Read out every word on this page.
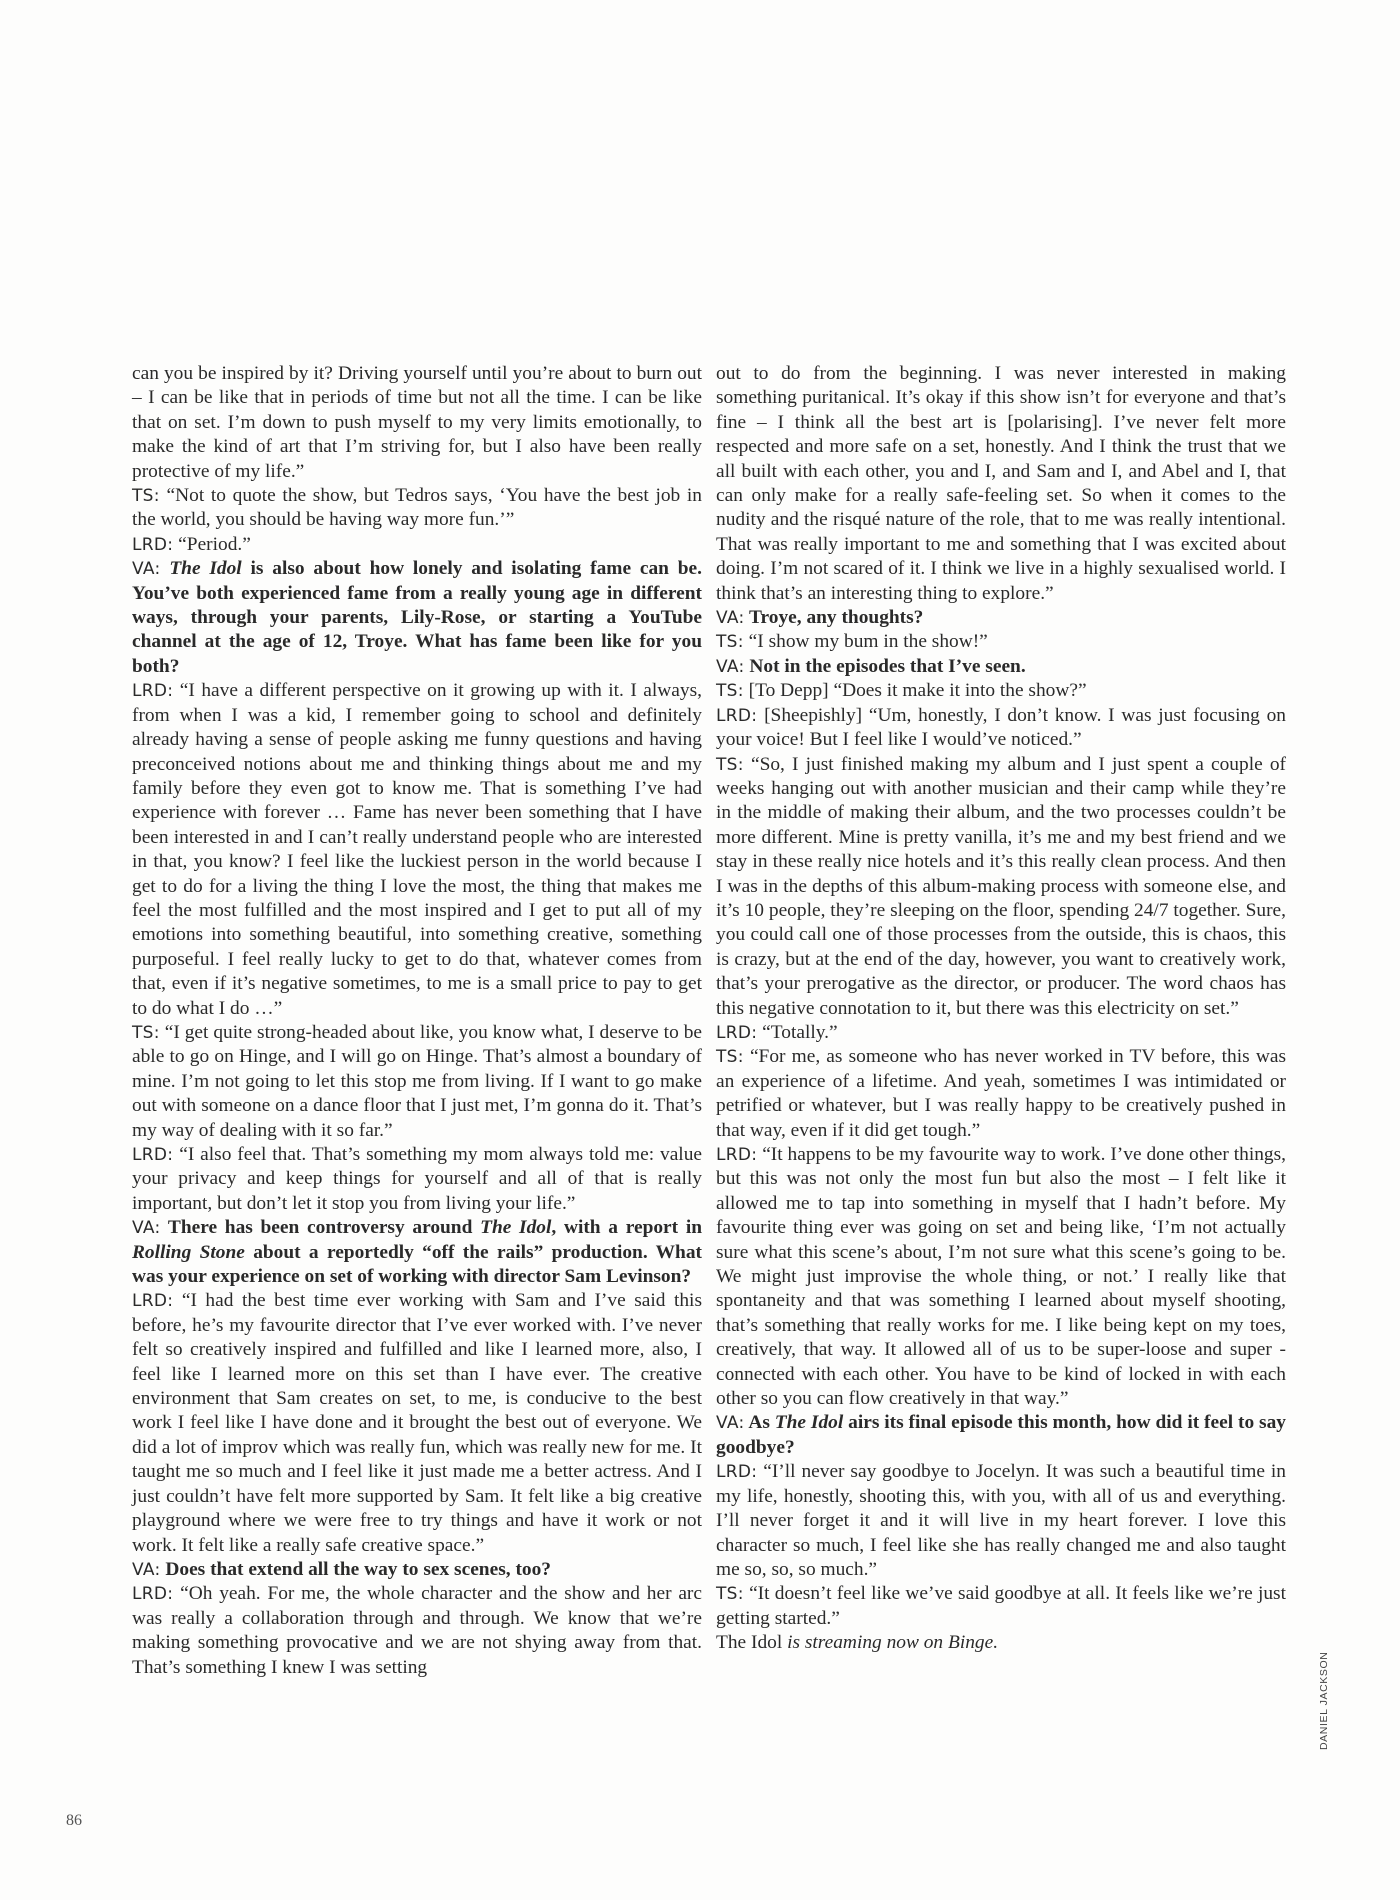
can you be inspired by it? Driving yourself until you’re about to burn out – I can be like that in periods of time but not all the time. I can be like that on set. I’m down to push myself to my very limits emotionally, to make the kind of art that I’m striving for, but I also have been really protective of my life.”

TS: “Not to quote the show, but Tedros says, ‘You have the best job in the world, you should be having way more fun.’”

LRD: “Period.”

VA: The Idol is also about how lonely and isolating fame can be. You’ve both experienced fame from a really young age in different ways, through your parents, Lily-Rose, or starting a YouTube channel at the age of 12, Troye. What has fame been like for you both?

LRD: “I have a different perspective on it growing up with it. I always, from when I was a kid, I remember going to school and definitely already having a sense of people asking me funny questions and having preconceived notions about me and thinking things about me and my family before they even got to know me. That is something I’ve had experience with forever … Fame has never been something that I have been interested in and I can’t really understand people who are interested in that, you know? I feel like the luckiest person in the world because I get to do for a living the thing I love the most, the thing that makes me feel the most fulfilled and the most inspired and I get to put all of my emotions into something beautiful, into something creative, something purposeful. I feel really lucky to get to do that, whatever comes from that, even if it’s negative sometimes, to me is a small price to pay to get to do what I do …”

TS: “I get quite strong-headed about like, you know what, I deserve to be able to go on Hinge, and I will go on Hinge. That’s almost a boundary of mine. I’m not going to let this stop me from living. If I want to go make out with someone on a dance floor that I just met, I’m gonna do it. That’s my way of dealing with it so far.”

LRD: “I also feel that. That’s something my mom always told me: value your privacy and keep things for yourself and all of that is really important, but don’t let it stop you from living your life.”

VA: There has been controversy around The Idol, with a report in Rolling Stone about a reportedly “off the rails” production. What was your experience on set of working with director Sam Levinson?

LRD: “I had the best time ever working with Sam and I’ve said this before, he’s my favourite director that I’ve ever worked with. I’ve never felt so creatively inspired and fulfilled and like I learned more, also, I feel like I learned more on this set than I have ever. The creative environment that Sam creates on set, to me, is conducive to the best work I feel like I have done and it brought the best out of everyone. We did a lot of improv which was really fun, which was really new for me. It taught me so much and I feel like it just made me a better actress. And I just couldn’t have felt more supported by Sam. It felt like a big creative playground where we were free to try things and have it work or not work. It felt like a really safe creative space.”

VA: Does that extend all the way to sex scenes, too?

LRD: “Oh yeah. For me, the whole character and the show and her arc was really a collaboration through and through. We know that we’re making something provocative and we are not shying away from that. That’s something I knew I was setting

out to do from the beginning. I was never interested in making something puritanical. It’s okay if this show isn’t for everyone and that’s fine – I think all the best art is [polarising]. I’ve never felt more respected and more safe on a set, honestly. And I think the trust that we all built with each other, you and I, and Sam and I, and Abel and I, that can only make for a really safe-feeling set. So when it comes to the nudity and the risqué nature of the role, that to me was really intentional. That was really important to me and something that I was excited about doing. I’m not scared of it. I think we live in a highly sexualised world. I think that’s an interesting thing to explore.”

VA: Troye, any thoughts?

TS: “I show my bum in the show!”

VA: Not in the episodes that I’ve seen.

TS: [To Depp] “Does it make it into the show?”

LRD: [Sheepishly] “Um, honestly, I don’t know. I was just focusing on your voice! But I feel like I would’ve noticed.”

TS: “So, I just finished making my album and I just spent a couple of weeks hanging out with another musician and their camp while they’re in the middle of making their album, and the two processes couldn’t be more different. Mine is pretty vanilla, it’s me and my best friend and we stay in these really nice hotels and it’s this really clean process. And then I was in the depths of this album-making process with someone else, and it’s 10 people, they’re sleeping on the floor, spending 24/7 together. Sure, you could call one of those processes from the outside, this is chaos, this is crazy, but at the end of the day, however, you want to creatively work, that’s your prerogative as the director, or producer. The word chaos has this negative connotation to it, but there was this electricity on set.”

LRD: “Totally.”

TS: “For me, as someone who has never worked in TV before, this was an experience of a lifetime. And yeah, sometimes I was intimidated or petrified or whatever, but I was really happy to be creatively pushed in that way, even if it did get tough.”

LRD: “It happens to be my favourite way to work. I’ve done other things, but this was not only the most fun but also the most – I felt like it allowed me to tap into something in myself that I hadn’t before. My favourite thing ever was going on set and being like, ‘I’m not actually sure what this scene’s about, I’m not sure what this scene’s going to be. We might just improvise the whole thing, or not.’ I really like that spontaneity and that was something I learned about myself shooting, that’s something that really works for me. I like being kept on my toes, creatively, that way. It allowed all of us to be super-loose and super -connected with each other. You have to be kind of locked in with each other so you can flow creatively in that way.”

VA: As The Idol airs its final episode this month, how did it feel to say goodbye?

LRD: “I’ll never say goodbye to Jocelyn. It was such a beautiful time in my life, honestly, shooting this, with you, with all of us and everything. I’ll never forget it and it will live in my heart forever. I love this character so much, I feel like she has really changed me and also taught me so, so, so much.”

TS: “It doesn’t feel like we’ve said goodbye at all. It feels like we’re just getting started.”

The Idol is streaming now on Binge.

DANIEL JACKSON
86
